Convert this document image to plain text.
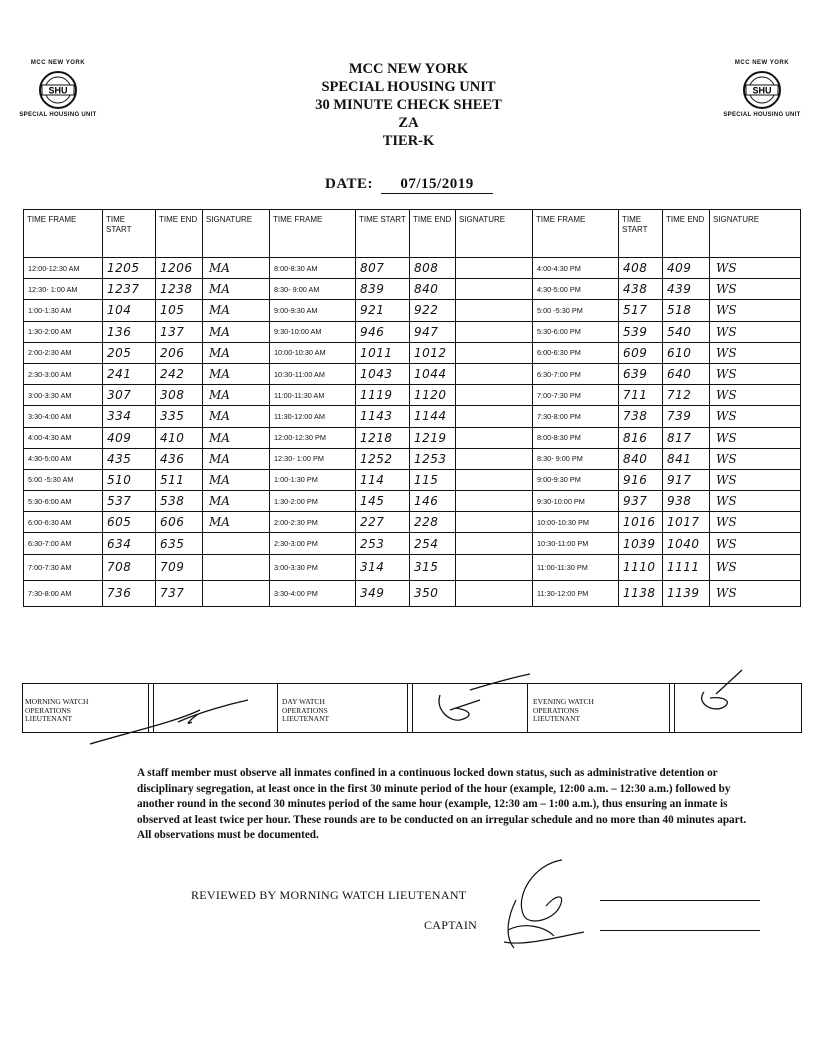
MCC NEW YORK
SHU
SPECIAL HOUSING UNIT
MCC NEW YORK
SHU
SPECIAL HOUSING UNIT
MCC NEW YORK
SPECIAL HOUSING UNIT
30 MINUTE CHECK SHEET
ZA
TIER-K
DATE: 07/15/2019
TIME FRAME	TIME START	TIME END	SIGNATURE	TIME FRAME	TIME START	TIME END	SIGNATURE	TIME FRAME	TIME START	TIME END	SIGNATURE
12:00-12:30 AM	1205	1206	MA	8:00-8:30 AM	807	808		4:00-4:30 PM	408	409	WS
12:30- 1:00 AM	1237	1238	MA	8:30- 9:00 AM	839	840		4:30-5:00 PM	438	439	WS
1:00-1:30 AM	104	105	MA	9:00-9:30 AM	921	922		5:00 -5:30 PM	517	518	WS
1:30-2:00 AM	136	137	MA	9:30-10:00 AM	946	947		5:30-6:00 PM	539	540	WS
2:00-2:30 AM	205	206	MA	10:00-10:30 AM	1011	1012		6:00-6:30 PM	609	610	WS
2:30-3:00 AM	241	242	MA	10:30-11:00 AM	1043	1044		6:30-7:00 PM	639	640	WS
3:00-3:30 AM	307	308	MA	11:00-11:30 AM	1119	1120		7:00-7:30 PM	711	712	WS
3:30-4:00 AM	334	335	MA	11:30-12:00 AM	1143	1144		7:30-8:00 PM	738	739	WS
4:00-4:30 AM	409	410	MA	12:00-12:30 PM	1218	1219		8:00-8:30 PM	816	817	WS
4:30-5:00 AM	435	436	MA	12:30- 1:00 PM	1252	1253		8:30- 9:00 PM	840	841	WS
5:00 -5:30 AM	510	511	MA	1:00-1:30 PM	114	115		9:00-9:30 PM	916	917	WS
5:30-6:00 AM	537	538	MA	1:30-2:00 PM	145	146		9:30-10:00 PM	937	938	WS
6:00-6:30 AM	605	606	MA	2:00-2:30 PM	227	228		10:00-10:30 PM	1016	1017	WS
6:30-7:00 AM	634	635		2:30-3:00 PM	253	254		10:30-11:00 PM	1039	1040	WS
7:00-7:30 AM	708	709		3:00-3:30 PM	314	315		11:00-11:30 PM	1110	1111	WS
7:30-8:00 AM	736	737		3:30-4:00 PM	349	350		11:30-12:00 PM	1138	1139	WS
MORNING WATCH
OPERATIONS
LIEUTENANT
DAY WATCH
OPERATIONS
LIEUTENANT
EVENING WATCH
OPERATIONS
LIEUTENANT
A staff member must observe all inmates confined in a continuous locked down status, such as administrative detention or disciplinary segregation, at least once in the first 30 minute period of the hour (example, 12:00 a.m. – 12:30 a.m.) followed by another round in the second 30 minutes period of the same hour (example, 12:30 am – 1:00 a.m.), thus ensuring an inmate is observed at least twice per hour. These rounds are to be conducted on an irregular schedule and no more than 40 minutes apart. All observations must be documented.
REVIEWED BY MORNING WATCH LIEUTENANT
CAPTAIN
